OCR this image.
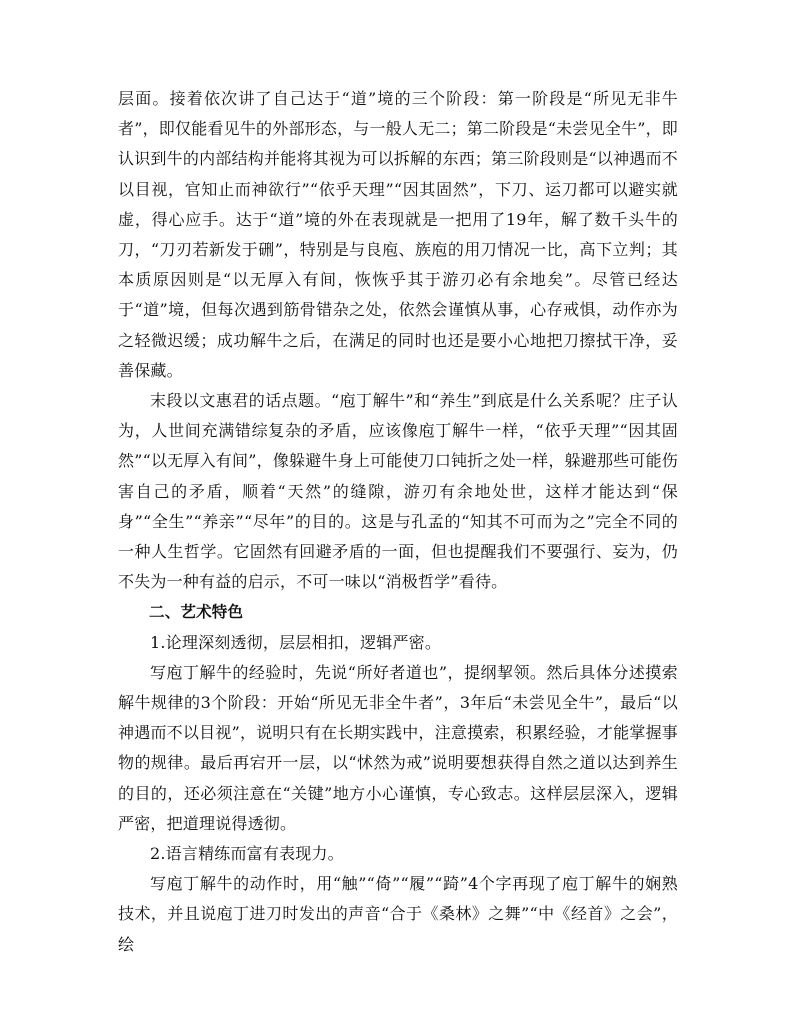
层面。接着依次讲了自己达于“道”境的三个阶段：第一阶段是“所见无非牛者”，即仅能看见牛的外部形态，与一般人无二；第二阶段是“未尝见全牛”，即认识到牛的内部结构并能将其视为可以拆解的东西；第三阶段则是“以神遇而不以目视，官知止而神欲行”“依乎天理”“因其固然”，下刀、运刀都可以避实就虚，得心应手。达于“道”境的外在表现就是一把用了19年，解了数千头牛的刀，“刀刃若新发于硎”，特别是与良庖、族庖的用刀情况一比，高下立判；其本质原因则是“以无厚入有间，恢恢乎其于游刃必有余地矣”。尽管已经达于“道”境，但每次遇到筋骨错杂之处，依然会谨慎从事，心存戒惧，动作亦为之轻微迟缓；成功解牛之后，在满足的同时也还是要小心地把刀擦拭干净，妥善保藏。

末段以文惠君的话点题。“庖丁解牛”和“养生”到底是什么关系呢？庄子认为，人世间充满错综复杂的矛盾，应该像庖丁解牛一样，“依乎天理”“因其固然”“以无厚入有间”，像躲避牛身上可能使刀口钝折之处一样，躲避那些可能伤害自己的矛盾，顺着“天然”的缝隙，游刃有余地处世，这样才能达到“保身”“全生”“养亲”“尽年”的目的。这是与孔孟的“知其不可而为之”完全不同的一种人生哲学。它固然有回避矛盾的一面，但也提醒我们不要强行、妄为，仍不失为一种有益的启示，不可一味以“消极哲学”看待。

二、艺术特色

1.论理深刻透彻，层层相扣，逻辑严密。

写庖丁解牛的经验时，先说“所好者道也”，提纲挈领。然后具体分述摸索解牛规律的3个阶段：开始“所见无非全牛者”，3年后“未尝见全牛”，最后“以神遇而不以目视”，说明只有在长期实践中，注意摸索，积累经验，才能掌握事物的规律。最后再宕开一层，以“怵然为戒”说明要想获得自然之道以达到养生的目的，还必须注意在“关键”地方小心谨慎，专心致志。这样层层深入，逻辑严密，把道理说得透彻。

2.语言精练而富有表现力。

写庖丁解牛的动作时，用“触”“倚”“履”“踦”4个字再现了庖丁解牛的娴熟技术，并且说庖丁进刀时发出的声音“合于《桑林》之舞”“中《经首》之会”，绘
